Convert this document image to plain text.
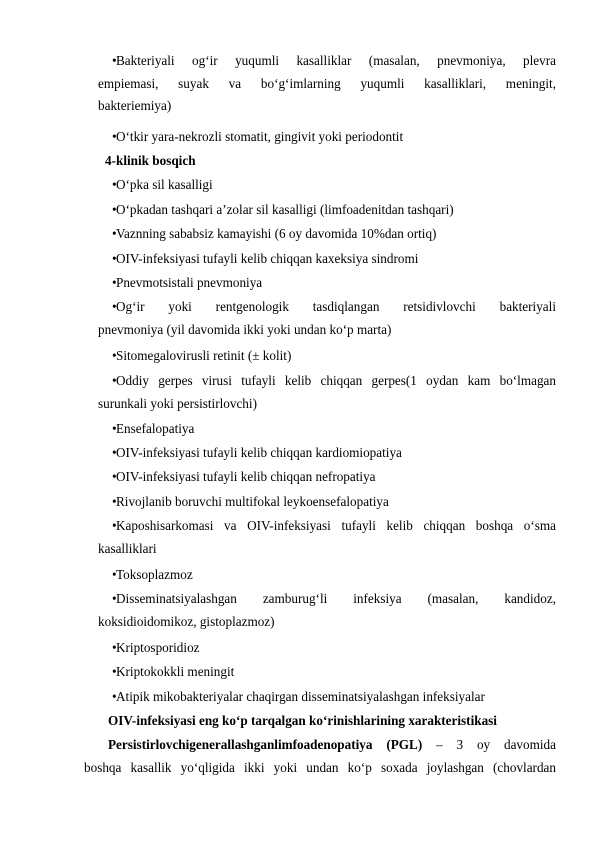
• Bakteriyali og‘ir yuqumli kasalliklar (masalan, pnevmoniya, plevra
empiemasi, suyak va bo‘g‘imlarning yuqumli kasalliklari, meningit,
bakteriemiya)
• O‘tkir yara-nekrozli stomatit, gingivit yoki periodontit
4-klinik bosqich
• O‘pka sil kasalligi
• O‘pkadan tashqari a’zolar sil kasalligi (limfoadenitdan tashqari)
• Vaznning sababsiz kamayishi (6 oy davomida 10%dan ortiq)
• OIV-infeksiyasi tufayli kelib chiqqan kaxeksiya sindromi
• Pnevmotsistali pnevmoniya
• Og‘ir yoki rentgenologik tasdiqlangan retsidivlovchi bakteriyali
pnevmoniya (yil davomida ikki yoki undan ko‘p marta)
• Sitomegalovirusli retinit (± kolit)
• Oddiy gerpes virusi tufayli kelib chiqqan gerpes(1 oydan kam bo‘lmagan
surunkali yoki persistirlovchi)
• Ensefalopatiya
• OIV-infeksiyasi tufayli kelib chiqqan kardiomiopatiya
• OIV-infeksiyasi tufayli kelib chiqqan nefropatiya
• Rivojlanib boruvchi multifokal leykoensefalopatiya
• Kaposhisarkomasi va OIV-infeksiyasi tufayli kelib chiqqan boshqa o‘sma
kasalliklari
• Toksoplazmoz
• Disseminatsiyalashgan zamburug‘li infeksiya (masalan, kandidoz,
koksidioidomikoz, gistoplazmoz)
• Kriptosporidioz
• Kriptokokkli meningit
• Atipik mikobakteriyalar chaqirgan disseminatsiyalashgan infeksiyalar
OIV-infeksiyasi eng ko‘p tarqalgan ko‘rinishlarining xarakteristikasi
Persistirlovchigenerallashganlimfoadenopatiya (PGL) – 3 oy davomida
boshqa kasallik yo‘qligida ikki yoki undan ko‘p soxada joylashgan (chovlardan
